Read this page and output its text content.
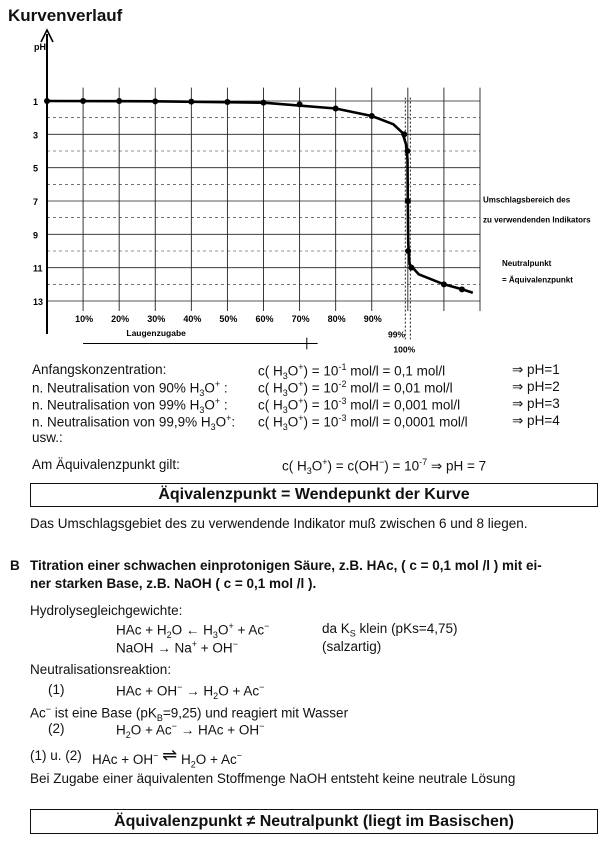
Kurvenverlauf
1
3
5
7
9
11
13
10% 20% 30% 40% 50% 60% 70% 80% 90%
pH
Laugenzugabe	99%
100%
Umschlagsbereich des
zu verwendenden Indikators
Neutralpunkt
= Äquivalenzpunkt
Anfangskonzentration:	c( $H_3O^+) = 10^{-1}$ mol/l = 0,1 mol/l	⇒ pH=1
n. Neutralisation von 90% $H_3O^+$ : c( $H_3O^+) = 10^{-2}$ mol/l = 0,01 mol/l	⇒ pH=2
n. Neutralisation von 99% $H_3O^+$ : c( $H_3O^+) = 10^{-3}$ mol/l = 0,001 mol/l	⇒ pH=3
n. Neutralisation von 99,9% $H_3O^+$: c( $H_3O^+) = 10^{-3}$ mol/l = 0,0001 mol/l	⇒ pH=4
usw.:
Am Äquivalenzpunkt gilt:	c( $H_3O^+) = c(OH^-) = 10^{-7}$ ⇒ pH = 7
Äqivalenzpunkt = Wendepunkt der Kurve
Das Umschlagsgebiet des zu verwendende Indikator muß zwischen 6 und 8 liegen.
B Titration einer schwachen einprotonigen Säure, z.B. HAc, ( c = 0,1 mol /l ) mit ei-
ner starken Base, z.B. NaOH ( c = 0,1 mol /l ).
Hydrolysegleichgewichte:
HAc + $H_2O$ ← $H_3O^+ + Ac^-$	da $K_S$ klein (pKs=4,75)
NaOH → Na+ + OH−	(salzartig)
Neutralisationsreaktion:
(1)	HAc + $OH^- \to H_2O + Ac^-$
Ac− ist eine Base $(pK_B=9,25)$ und reagiert mit Wasser
(2)	$H_2O + Ac^-$ → HAc + OH−
(1) u. (2) HAc + OH− ⇌ $H_2O + Ac^-$
Bei Zugabe einer äquivalenten Stoffmenge NaOH entsteht keine neutrale Lösung
Äquivalenzpunkt ≠ Neutralpunkt (liegt im Basischen)
